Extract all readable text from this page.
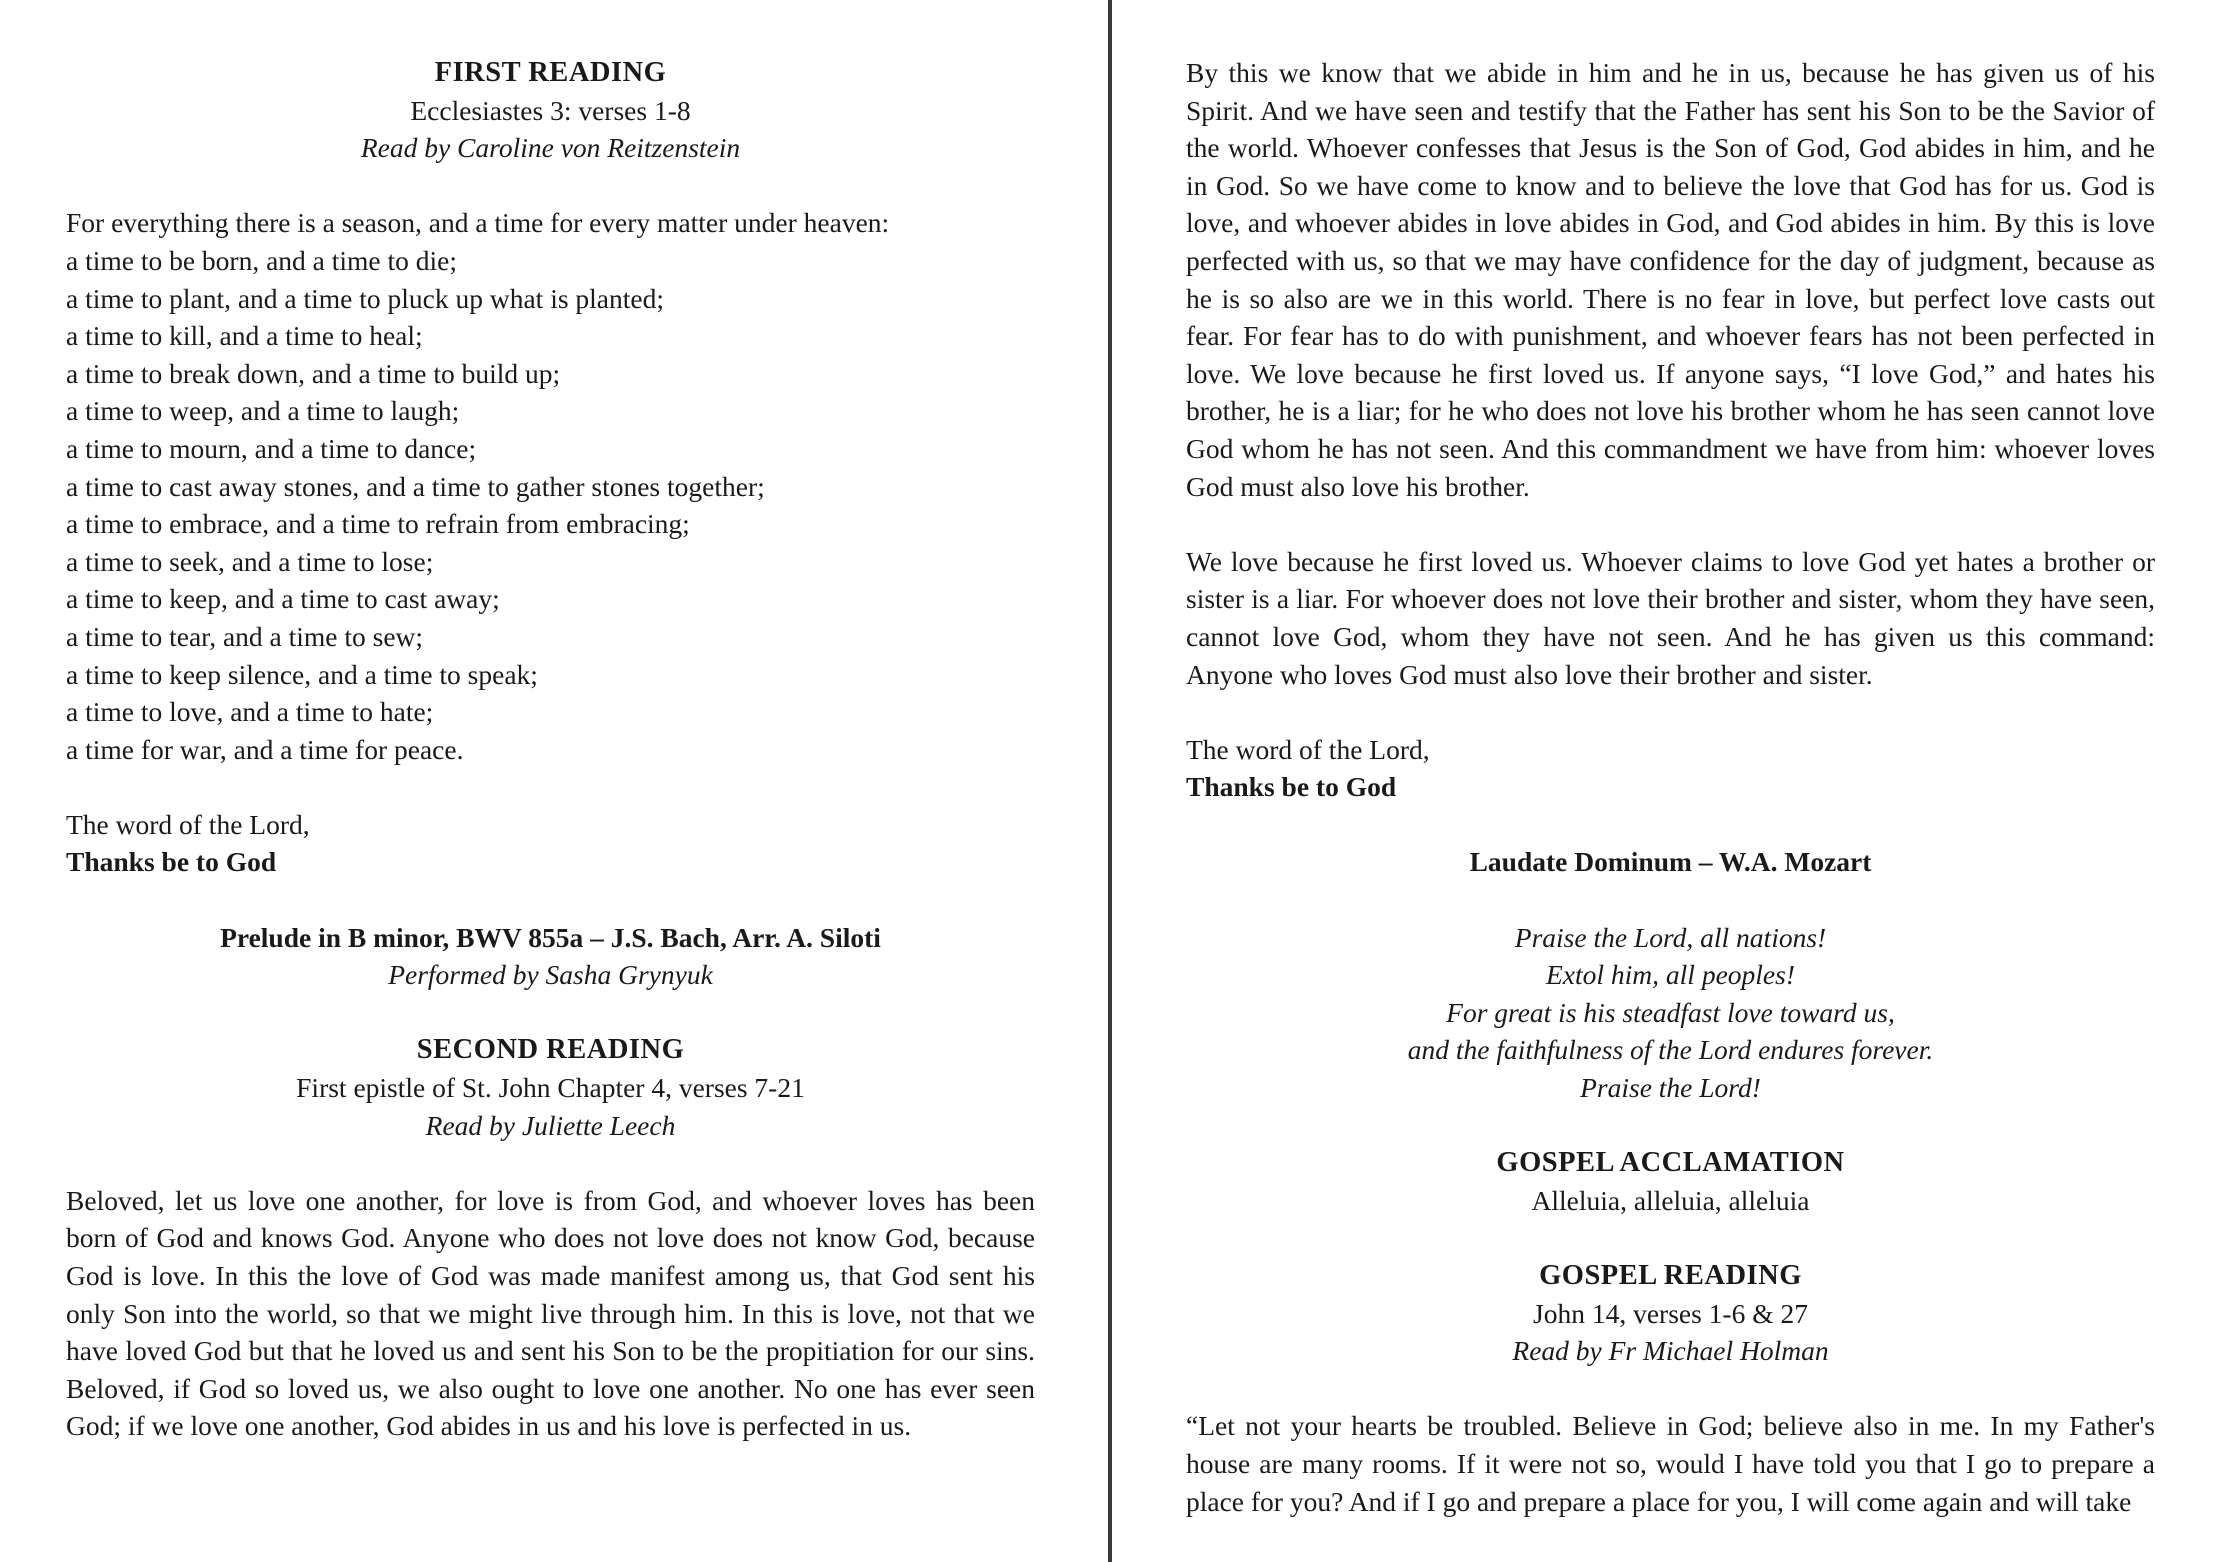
FIRST READING
Ecclesiastes 3: verses 1-8
Read by Caroline von Reitzenstein
For everything there is a season, and a time for every matter under heaven:
a time to be born, and a time to die;
a time to plant, and a time to pluck up what is planted;
a time to kill, and a time to heal;
a time to break down, and a time to build up;
a time to weep, and a time to laugh;
a time to mourn, and a time to dance;
a time to cast away stones, and a time to gather stones together;
a time to embrace, and a time to refrain from embracing;
a time to seek, and a time to lose;
a time to keep, and a time to cast away;
a time to tear, and a time to sew;
a time to keep silence, and a time to speak;
a time to love, and a time to hate;
a time for war, and a time for peace.
The word of the Lord,
Thanks be to God
Prelude in B minor, BWV 855a – J.S. Bach, Arr. A. Siloti
Performed by Sasha Grynyuk
SECOND READING
First epistle of St. John Chapter 4, verses 7-21
Read by Juliette Leech
Beloved, let us love one another, for love is from God, and whoever loves has been born of God and knows God. Anyone who does not love does not know God, because God is love. In this the love of God was made manifest among us, that God sent his only Son into the world, so that we might live through him. In this is love, not that we have loved God but that he loved us and sent his Son to be the propitiation for our sins. Beloved, if God so loved us, we also ought to love one another. No one has ever seen God; if we love one another, God abides in us and his love is perfected in us.
By this we know that we abide in him and he in us, because he has given us of his Spirit. And we have seen and testify that the Father has sent his Son to be the Savior of the world. Whoever confesses that Jesus is the Son of God, God abides in him, and he in God. So we have come to know and to believe the love that God has for us. God is love, and whoever abides in love abides in God, and God abides in him. By this is love perfected with us, so that we may have confidence for the day of judgment, because as he is so also are we in this world. There is no fear in love, but perfect love casts out fear. For fear has to do with punishment, and whoever fears has not been perfected in love. We love because he first loved us. If anyone says, “I love God,” and hates his brother, he is a liar; for he who does not love his brother whom he has seen cannot love God whom he has not seen. And this commandment we have from him: whoever loves God must also love his brother.
We love because he first loved us. Whoever claims to love God yet hates a brother or sister is a liar. For whoever does not love their brother and sister, whom they have seen, cannot love God, whom they have not seen. And he has given us this command: Anyone who loves God must also love their brother and sister.
The word of the Lord,
Thanks be to God
Laudate Dominum – W.A. Mozart
Praise the Lord, all nations!
Extol him, all peoples!
For great is his steadfast love toward us,
and the faithfulness of the Lord endures forever.
Praise the Lord!
GOSPEL ACCLAMATION
Alleluia, alleluia, alleluia
GOSPEL READING
John 14, verses 1-6 & 27
Read by Fr Michael Holman
“Let not your hearts be troubled. Believe in God; believe also in me. In my Father's house are many rooms. If it were not so, would I have told you that I go to prepare a place for you? And if I go and prepare a place for you, I will come again and will take
